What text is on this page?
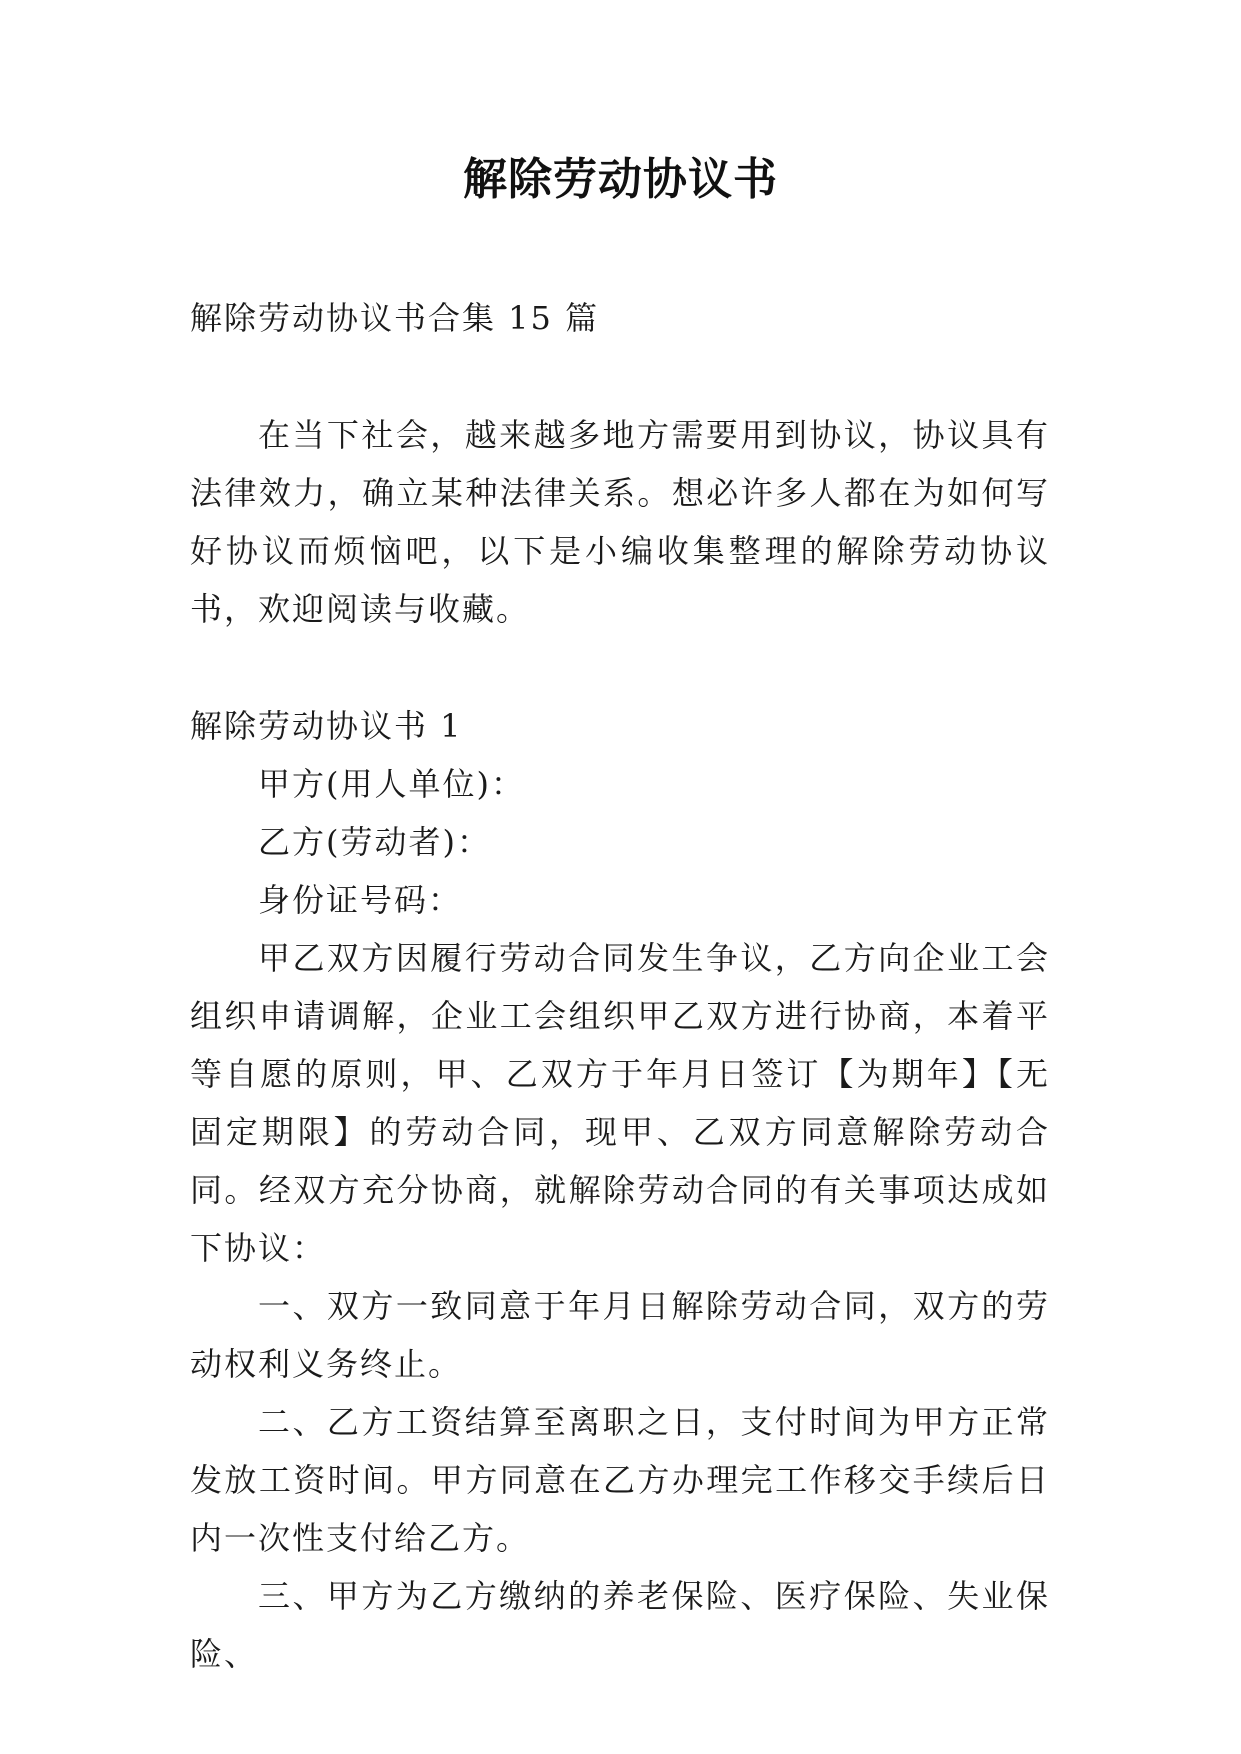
解除劳动协议书

解除劳动协议书合集 15 篇

在当下社会，越来越多地方需要用到协议，协议具有法律效力，确立某种法律关系。想必许多人都在为如何写好协议而烦恼吧，以下是小编收集整理的解除劳动协议书，欢迎阅读与收藏。

解除劳动协议书 1

甲方(用人单位)：

乙方(劳动者)：

身份证号码：

甲乙双方因履行劳动合同发生争议，乙方向企业工会组织申请调解，企业工会组织甲乙双方进行协商，本着平等自愿的原则，甲、乙双方于年月日签订【为期年】【无固定期限】的劳动合同，现甲、乙双方同意解除劳动合同。经双方充分协商，就解除劳动合同的有关事项达成如下协议：

一、双方一致同意于年月日解除劳动合同，双方的劳动权利义务终止。

二、乙方工资结算至离职之日，支付时间为甲方正常发放工资时间。甲方同意在乙方办理完工作移交手续后日内一次性支付给乙方。

三、甲方为乙方缴纳的养老保险、医疗保险、失业保险、
